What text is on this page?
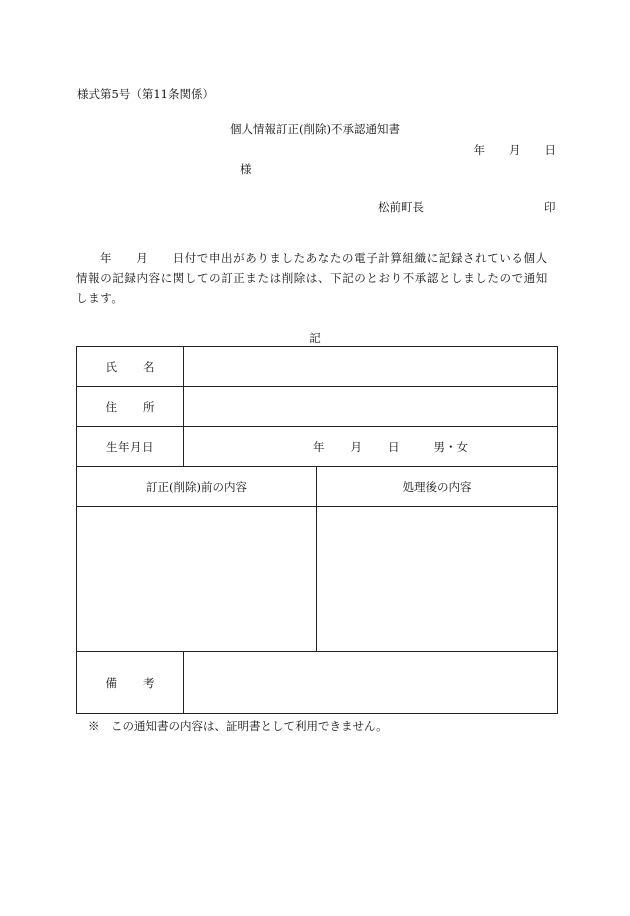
様式第5号（第11条関係）
個人情報訂正(削除)不承認通知書
年 月 日
様
松前町長	印
年　　月　　日付で申出がありましたあなたの電子計算組織に記録されている個人情報の記録内容に関しての訂正または削除は、下記のとおり不承認としましたので通知します。
記
氏名		
住所		
生年月日	年 月 日 男・女	
訂正(削除)前の内容		処理後の内容

備考		
※　この通知書の内容は、証明書として利用できません。
